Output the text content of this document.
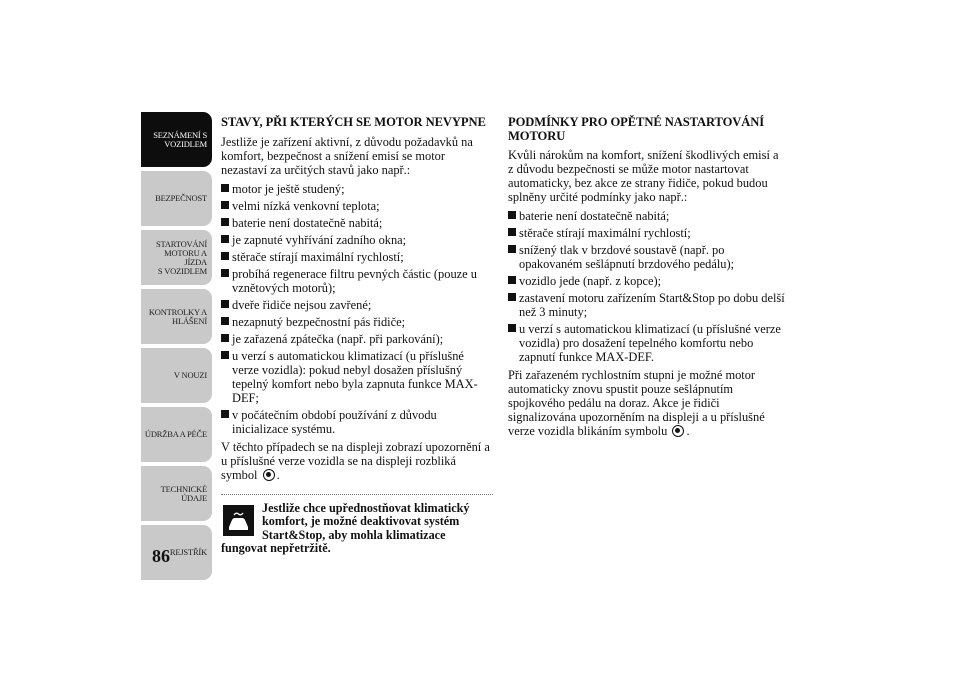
SEZNÁMENÍ S
VOZIDLEM
BEZPEČNOST
STARTOVÁNÍ
MOTORU A JÍZDA
S VOZIDLEM
KONTROLKY A
HLÁŠENÍ
V NOUZI
ÚDRŽBA A PÉČE
TECHNICKÉ
ÚDAJE
REJSTŘÍK
86
STAVY, PŘI KTERÝCH SE MOTOR NEVYPNE

Jestliže je zařízení aktivní, z důvodu požadavků na komfort, bezpečnost a snížení emisí se motor nezastaví za určitých stavů jako např.:

motor je ještě studený;
velmi nízká venkovní teplota;
baterie není dostatečně nabitá;
je zapnuté vyhřívání zadního okna;
stěrače stírají maximální rychlostí;
probíhá regenerace filtru pevných částic (pouze u vznětových motorů);
dveře řidiče nejsou zavřené;
nezapnutý bezpečnostní pás řidiče;
je zařazená zpátečka (např. při parkování);
u verzí s automatickou klimatizací (u příslušné verze vozidla): pokud nebyl dosažen příslušný tepelný komfort nebo byla zapnuta funkce MAX-DEF;
v počátečním období používání z důvodu inicializace systému.

V těchto případech se na displeji zobrazí upozornění a u příslušné verze vozidla se na displeji rozbliká symbol .

Jestliže chce upřednostňovat klimatický komfort, je možné deaktivovat systém Start&Stop, aby mohla klimatizace fungovat nepřetržitě.
PODMÍNKY PRO OPĚTNÉ NASTARTOVÁNÍ MOTORU

Kvůli nárokům na komfort, snížení škodlivých emisí a z důvodu bezpečnosti se může motor nastartovat automaticky, bez akce ze strany řidiče, pokud budou splněny určité podmínky jako např.:

baterie není dostatečně nabitá;
stěrače stírají maximální rychlostí;
snížený tlak v brzdové soustavě (např. po opakovaném sešlápnutí brzdového pedálu);
vozidlo jede (např. z kopce);
zastavení motoru zařízením Start&Stop po dobu delší než 3 minuty;
u verzí s automatickou klimatizací (u příslušné verze vozidla) pro dosažení tepelného komfortu nebo zapnutí funkce MAX-DEF.

Při zařazeném rychlostním stupni je možné motor automaticky znovu spustit pouze sešlápnutím spojkového pedálu na doraz. Akce je řidiči signalizována upozorněním na displeji a u příslušné verze vozidla blikáním symbolu .
